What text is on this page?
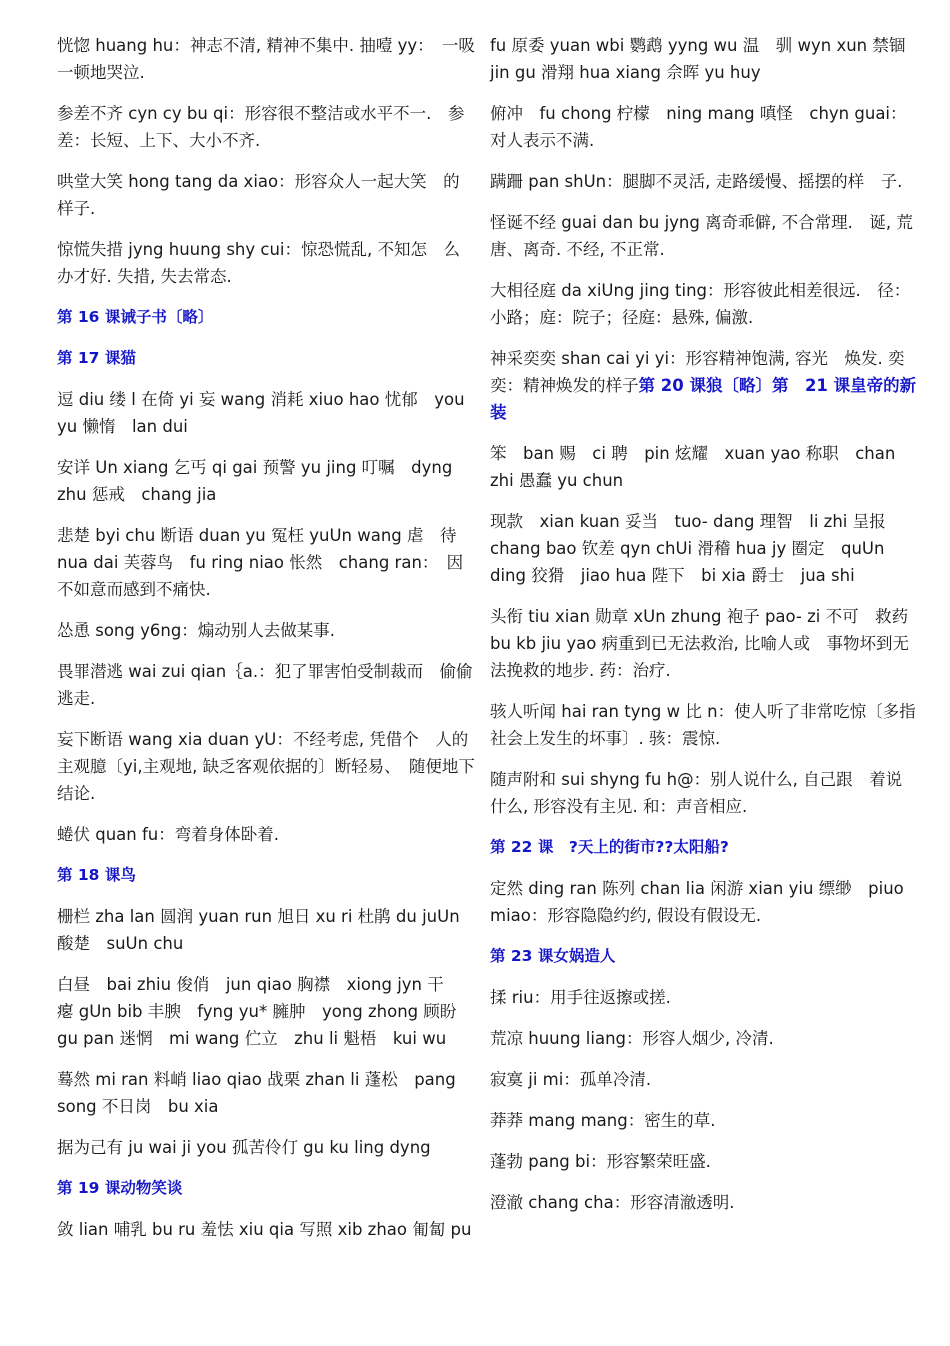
恍惚 huang hu：神志不清, 精神不集中. 抽噎 yy：　一吸一顿地哭泣.

参差不齐 cyn cy bu qi：形容很不整洁或水平不一.　参差：长短、上下、大小不齐.

哄堂大笑 hong tang da xiao：形容众人一起大笑　的样子.

惊慌失措 jyng huung shy cui：惊恐慌乱, 不知怎　么办才好. 失措, 失去常态.

第 16 课诫子书〔略〕

第 17 课猫

逗 diu 缕 l 在倚 yi 妄 wang 消耗 xiuo hao 忧郁　you yu 懒惰　lan dui

安详 Un xiang 乞丐 qi gai 预警 yu jing 叮嘱　dyng zhu 惩戒　chang jia

悲楚 byi chu 断语 duan yu 冤枉 yuUn wang 虐　待 nua dai 芙蓉鸟　fu ring niao 怅然　chang ran：　因不如意而感到不痛快.

怂恿 song y6ng：煽动别人去做某事.

畏罪潜逃 wai zui qian｛a.：犯了罪害怕受制裁而　偷偷逃走.

妄下断语 wang xia duan yU：不经考虑, 凭借个　人的主观臆〔yi,主观地, 缺乏客观依据的〕断轻易、　随便地下结论.

蜷伏 quan fu：弯着身体卧着.

第 18 课鸟

栅栏 zha lan 圆润 yuan run 旭日 xu ri 杜鹃 du juUn 酸楚　suUn chu

白昼　bai zhiu 俊俏　jun qiao 胸襟　xiong jyn 干　瘪 gUn bib 丰腴　fyng yu* 臃肿　yong zhong 顾盼　gu pan 迷惘　mi wang 伫立　zhu li 魁梧　kui wu

蓦然 mi ran 料峭 liao qiao 战栗 zhan li 蓬松　pang song 不日岗　bu xia

据为己有 ju wai ji you 孤苦伶仃 gu ku ling dyng

第 19 课动物笑谈

敛 lian 哺乳 bu ru 羞怯 xiu qia 写照 xib zhao 匍匐 pu

fu 原委 yuan wbi 鹦鹉 yyng wu 温　驯 wyn xun 禁锢 jin gu 滑翔 hua xiang 佘晖 yu huy

俯冲　fu chong 柠檬　ning mang 嗔怪　chyn guai：　对人表示不满.

蹒跚 pan shUn：腿脚不灵活, 走路缓慢、摇摆的样　子.

怪诞不经 guai dan bu jyng 离奇乖僻, 不合常理.　诞, 荒唐、离奇. 不经, 不正常.

大相径庭 da xiUng jing ting：形容彼此相差很远.　径：小路；庭：院子；径庭：悬殊, 偏激.

神采奕奕 shan cai yi yi：形容精神饱满, 容光　焕发. 奕奕：精神焕发的样子第 20 课狼〔略〕第　21 课皇帝的新装

笨　ban 赐　ci 聘　pin 炫耀　xuan yao 称职　chan zhi 愚蠢 yu chun

现款　xian kuan 妥当　tuo- dang 理智　li zhi 呈报 chang bao 钦差 qyn chUi 滑稽 hua jy 圈定　quUn ding 狡猾　jiao hua 陛下　bi xia 爵士　jua shi

头衔 tiu xian 勋章 xUn zhung 袍子 pao- zi 不可　救药 bu kb jiu yao 病重到已无法救治, 比喻人或　事物坏到无法挽救的地步. 药：治疗.

骇人听闻 hai ran tyng w 比 n：使人听了非常吃惊〔多指社会上发生的坏事〕. 骇：震惊.

随声附和 sui shyng fu h@：别人说什么, 自己跟　着说什么, 形容没有主见. 和：声音相应.

第 22 课　?天上的街市??太阳船?

定然 ding ran 陈列 chan lia 闲游 xian yiu 缥缈　piuo miao：形容隐隐约约, 假设有假设无.

第 23 课女娲造人

揉 riu：用手往返擦或搓.

荒凉 huung liang：形容人烟少, 冷清.

寂寞 ji mi：孤单冷清.

莽莽 mang mang：密生的草.

蓬勃 pang bi：形容繁荣旺盛.

澄澈 chang cha：形容清澈透明.
